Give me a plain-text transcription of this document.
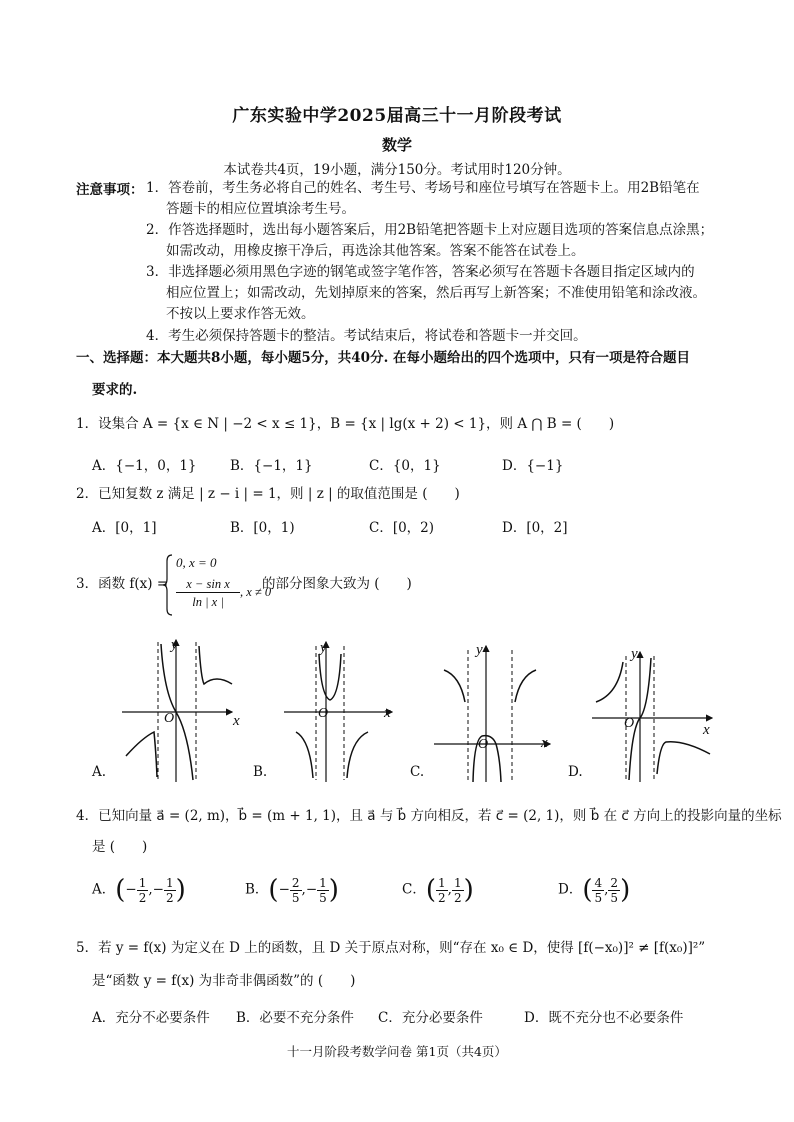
广东实验中学2025届高三十一月阶段考试
数学
本试卷共4页，19小题，满分150分。考试用时120分钟。
注意事项： 1．答卷前，考生务必将自己的姓名、考生号、考场号和座位号填写在答题卡上。用2B铅笔在
答题卡的相应位置填涂考生号。
2．作答选择题时，选出每小题答案后，用2B铅笔把答题卡上对应题目选项的答案信息点涂黑；
如需改动，用橡皮擦干净后，再选涂其他答案。答案不能答在试卷上。
3．非选择题必须用黑色字迹的钢笔或签字笔作答，答案必须写在答题卡各题目指定区域内的
相应位置上；如需改动，先划掉原来的答案，然后再写上新答案；不准使用铅笔和涂改液。
不按以上要求作答无效。
4．考生必须保持答题卡的整洁。考试结束后，将试卷和答题卡一并交回。
一、选择题：本大题共8小题，每小题5分，共40分. 在每小题给出的四个选项中，只有一项是符合题目
要求的.
1．设集合 A = {x ∈ N | −2 < x ≤ 1}，B = {x | lg(x + 2) < 1}，则 A ⋂ B = (　　)
A．{−1，0，1} B．{−1，1}	C．{0，1}	D．{−1}
2．已知复数 z 满足 | z − i | = 1，则 | z | 的取值范围是 (　　)
A．[0，1]	B．[0，1)	C．[0，2)	D．[0，2]
3．函数 f(x) =
0, x = 0
x − sin x
ln | x |
, x ≠ 0
的部分图象大致为 (　　)
y
x
O
y
x
O
y
x
O
y
x
O
A.	B.	C.	D.
4．已知向量 a⃗ = (2, m)，b⃗ = (m + 1, 1)，且 a⃗ 与 b⃗ 方向相反，若 c⃗ = (2, 1)，则 b⃗ 在 c⃗ 方向上的投影向量的坐标
是 (　　)
A．(− $\frac{1}{2}$ ,− $\frac{1}{2}$ )	B．(− $\frac{2}{5}$ ,− $\frac{1}{5}$ )	C．( $\frac{1}{2}$ , $\frac{1}{2}$ )	D．( $\frac{4}{5}$ , $\frac{2}{5}$ )
5．若 y = f(x) 为定义在 D 上的函数，且 D 关于原点对称，则“存在 x₀ ∈ D，使得 [f(−x₀)]² ≠ [f(x₀)]²”
是“函数 y = f(x) 为非奇非偶函数”的 (　　)
A．充分不必要条件 B．必要不充分条件 C．充分必要条件	D．既不充分也不必要条件
十一月阶段考数学问卷 第1页（共4页）
